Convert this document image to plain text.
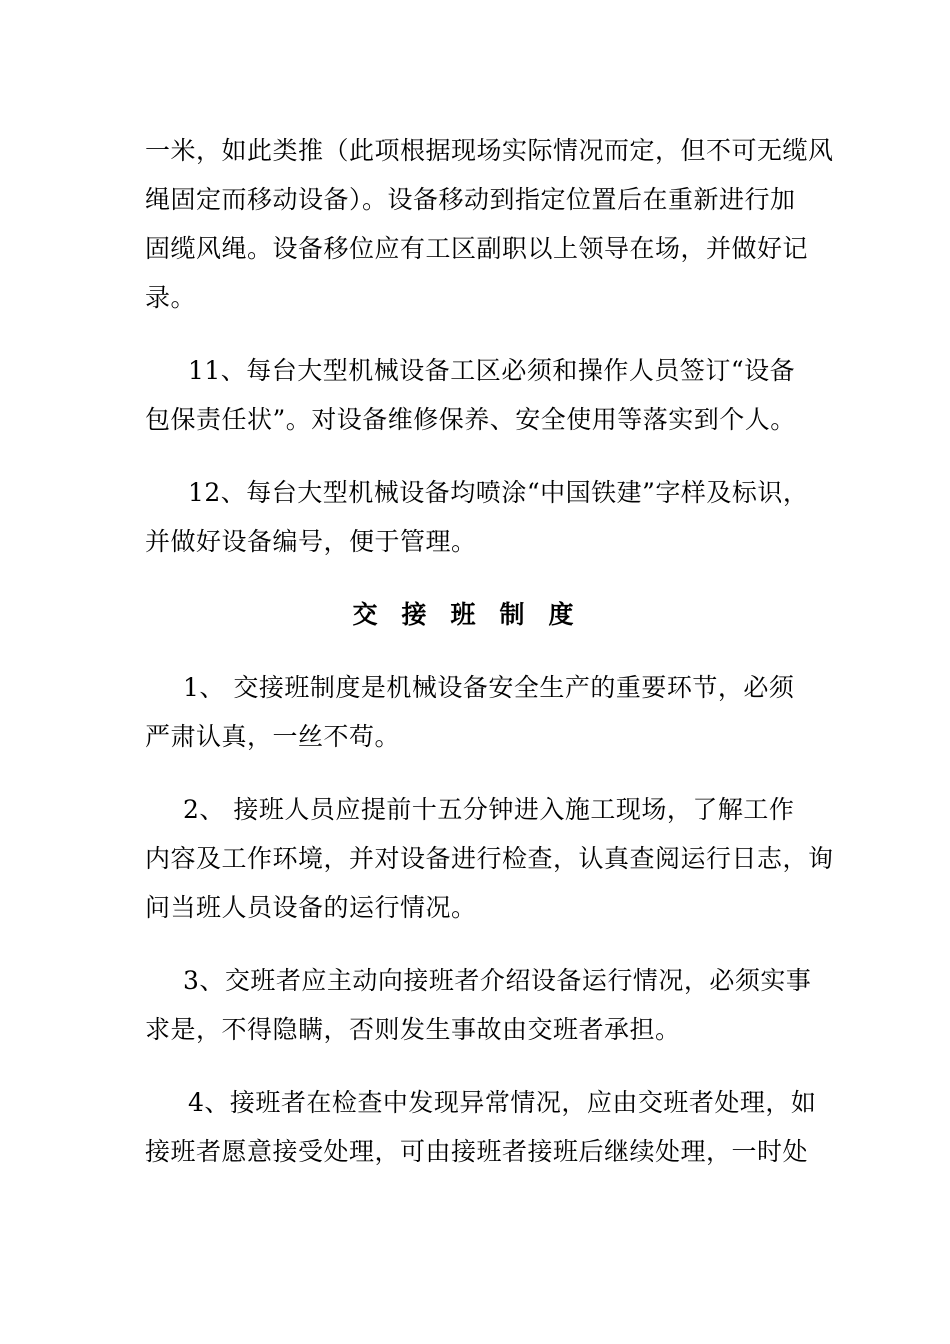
一米，如此类推（此项根据现场实际情况而定，但不可无缆风
绳固定而移动设备）。设备移动到指定位置后在重新进行加
固缆风绳。设备移位应有工区副职以上领导在场，并做好记
录。
11、每台大型机械设备工区必须和操作人员签订“设备
包保责任状”。对设备维修保养、安全使用等落实到个人。
12、每台大型机械设备均喷涂“中国铁建”字样及标识，
并做好设备编号，便于管理。
交接班制度
1、 交接班制度是机械设备安全生产的重要环节，必须
严肃认真，一丝不苟。
2、 接班人员应提前十五分钟进入施工现场，了解工作
内容及工作环境，并对设备进行检查，认真查阅运行日志，询
问当班人员设备的运行情况。
3、交班者应主动向接班者介绍设备运行情况，必须实事
求是，不得隐瞒，否则发生事故由交班者承担。
4、接班者在检查中发现异常情况，应由交班者处理，如
接班者愿意接受处理，可由接班者接班后继续处理，一时处
